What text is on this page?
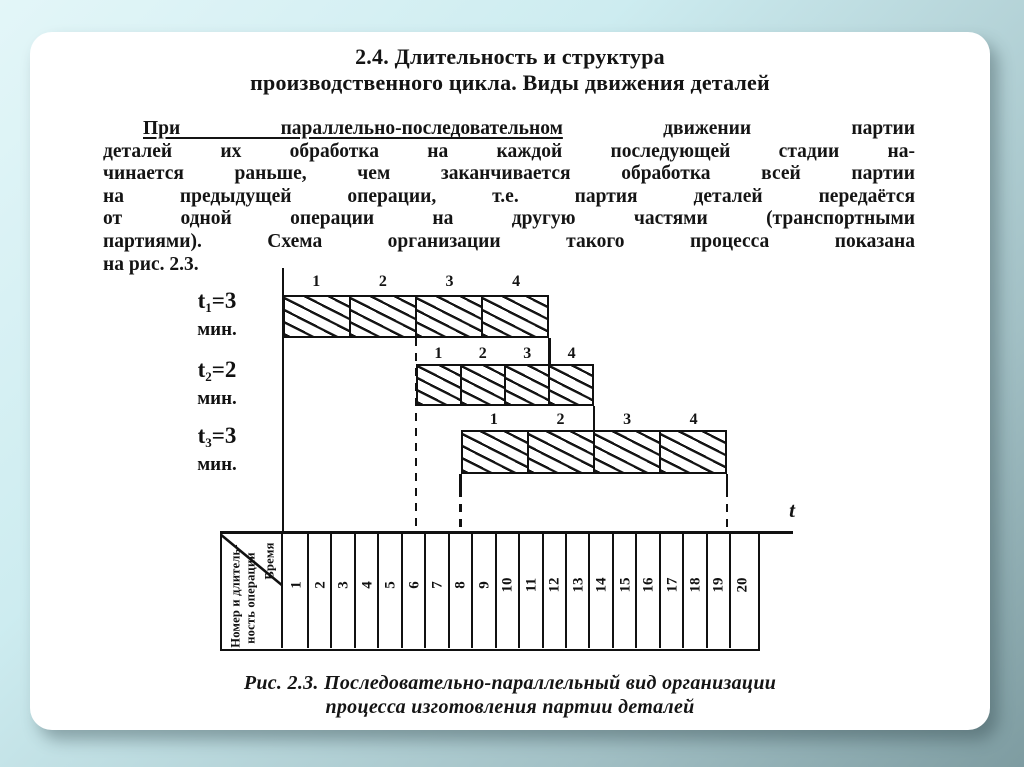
2.4. Длительность и структура
производственного цикла. Виды движения деталей
При параллельно-последовательном движении партии
деталей их обработка на каждой последующей стадии на-
чинается раньше, чем заканчивается обработка всей партии
на предыдущей операции, т.е. партия деталей передаётся
от одной операции на другую частями (транспортными
партиями). Схема организации такого процесса показана
на рис. 2.3.
1	2	3	4
$t_1=3$
мин.
1	2	3	4
$t_2=2$
мин.
1	2	3	4
$t_3=3$
мин.
t
Время
Номер и длитель- ность операции 1 2 3 4 5 6 7 8 9 10 11 12 13 14 15 16 17 18 19 20
Рис. 2.3. Последовательно-параллельный вид организации
процесса изготовления партии деталей
